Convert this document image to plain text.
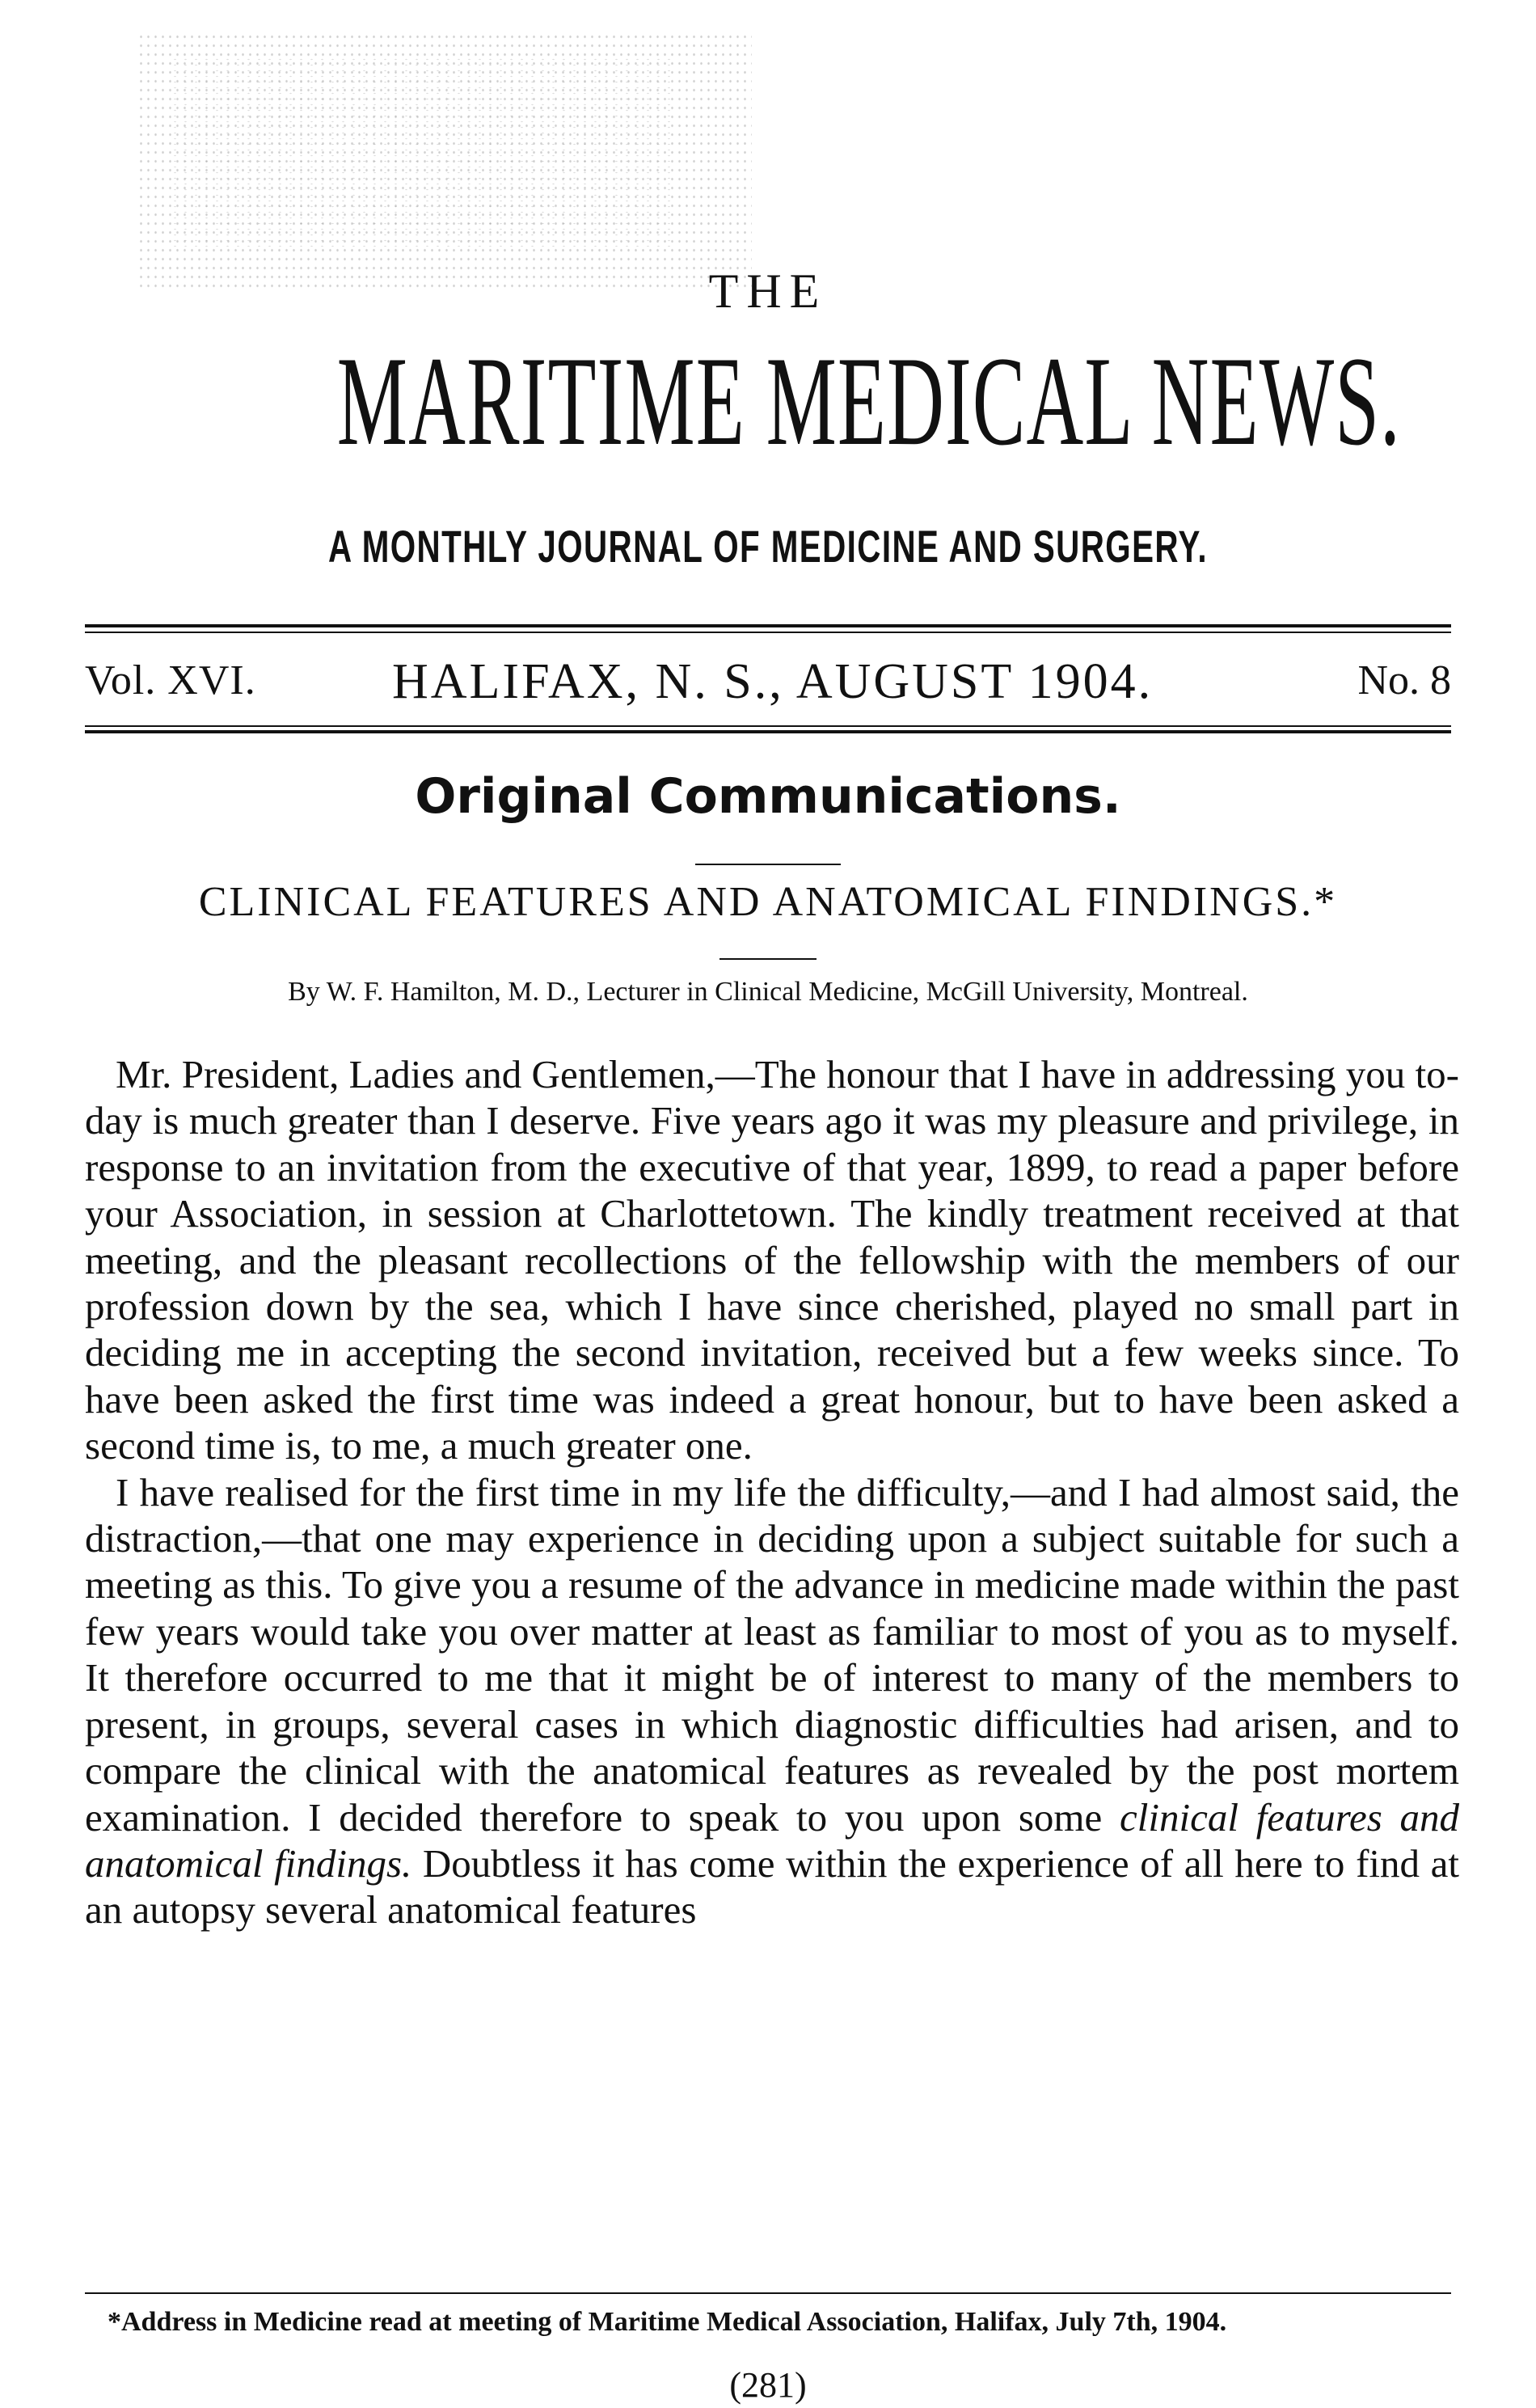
THE
MARITIME MEDICAL NEWS.
A MONTHLY JOURNAL OF MEDICINE AND SURGERY.
Vol. XVI.	HALIFAX, N. S., AUGUST 1904.	No. 8
Original Communications.
CLINICAL FEATURES AND ANATOMICAL FINDINGS.*
By W. F. Hamilton, M. D., Lecturer in Clinical Medicine, McGill University, Montreal.

Mr. President, Ladies and Gentlemen,—The honour that I have in addressing you to-day is much greater than I deserve. Five years ago it was my pleasure and privilege, in response to an invitation from the executive of that year, 1899, to read a paper before your Association, in session at Charlottetown. The kindly treatment received at that meeting, and the pleasant recollections of the fellowship with the members of our profession down by the sea, which I have since cherished, played no small part in deciding me in accepting the second invitation, received but a few weeks since. To have been asked the first time was indeed a great honour, but to have been asked a second time is, to me, a much greater one.

I have realised for the first time in my life the difficulty,—and I had almost said, the distraction,—that one may experience in deciding upon a subject suitable for such a meeting as this. To give you a resume of the advance in medicine made within the past few years would take you over matter at least as familiar to most of you as to myself. It therefore occurred to me that it might be of interest to many of the members to present, in groups, several cases in which diagnostic difficulties had arisen, and to compare the clinical with the anatomical features as revealed by the post mortem examination. I decided therefore to speak to you upon some clinical features and anatomical findings. Doubtless it has come within the experience of all here to find at an autopsy several anatomical features

*Address in Medicine read at meeting of Maritime Medical Association, Halifax, July 7th, 1904.
(281)
